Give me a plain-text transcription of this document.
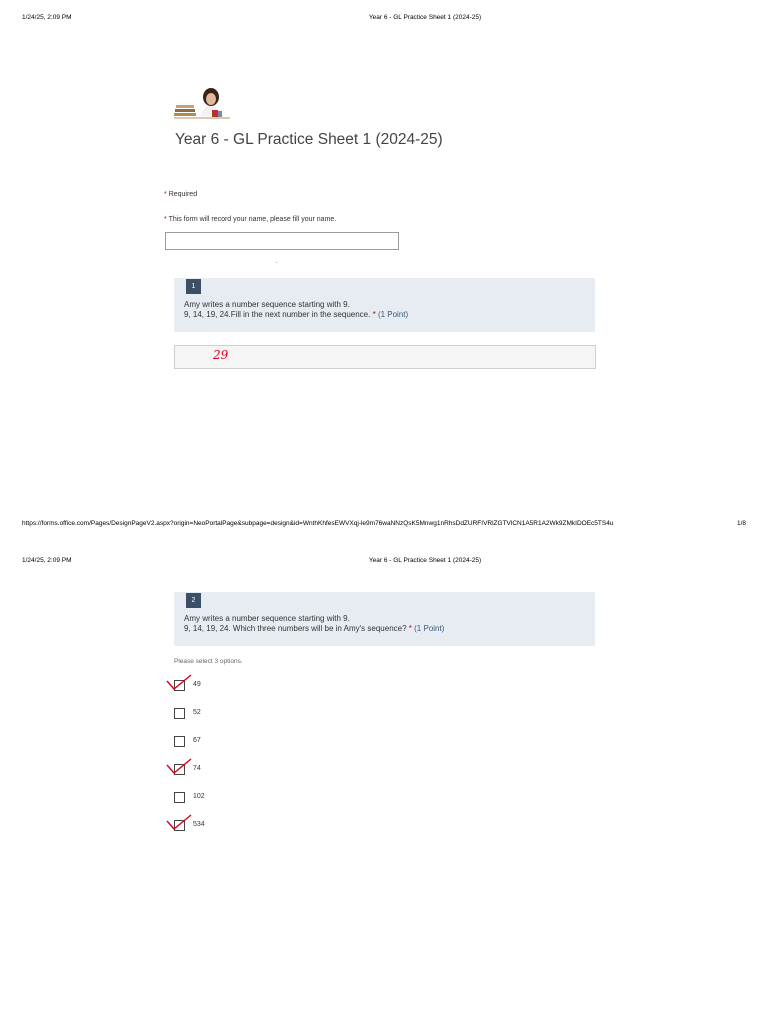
1/24/25, 2:09 PM	Year 6 - GL Practice Sheet 1 (2024-25)
Year 6 - GL Practice Sheet 1 (2024-25)
* Required
* This form will record your name, please fill your name.
.
1
Amy writes a number sequence starting with 9.
9, 14, 19, 24.Fill in the next number in the sequence. * (1 Point)
29
https://forms.office.com/Pages/DesignPageV2.aspx?origin=NeoPortalPage&subpage=design&id=WnthKhfesEWVXqj-le9m76waNNzQsK5Mnwg1nRhsDdZURFIVRlZGTVlCN1A5R1A2Wk9ZMkIDOEc5TS4u	1/8
1/24/25, 2:09 PM	Year 6 - GL Practice Sheet 1 (2024-25)
2
Amy writes a number sequence starting with 9.
9, 14, 19, 24. Which three numbers will be in Amy's sequence? * (1 Point)
Please select 3 options.
49
52
67
74
102
534
